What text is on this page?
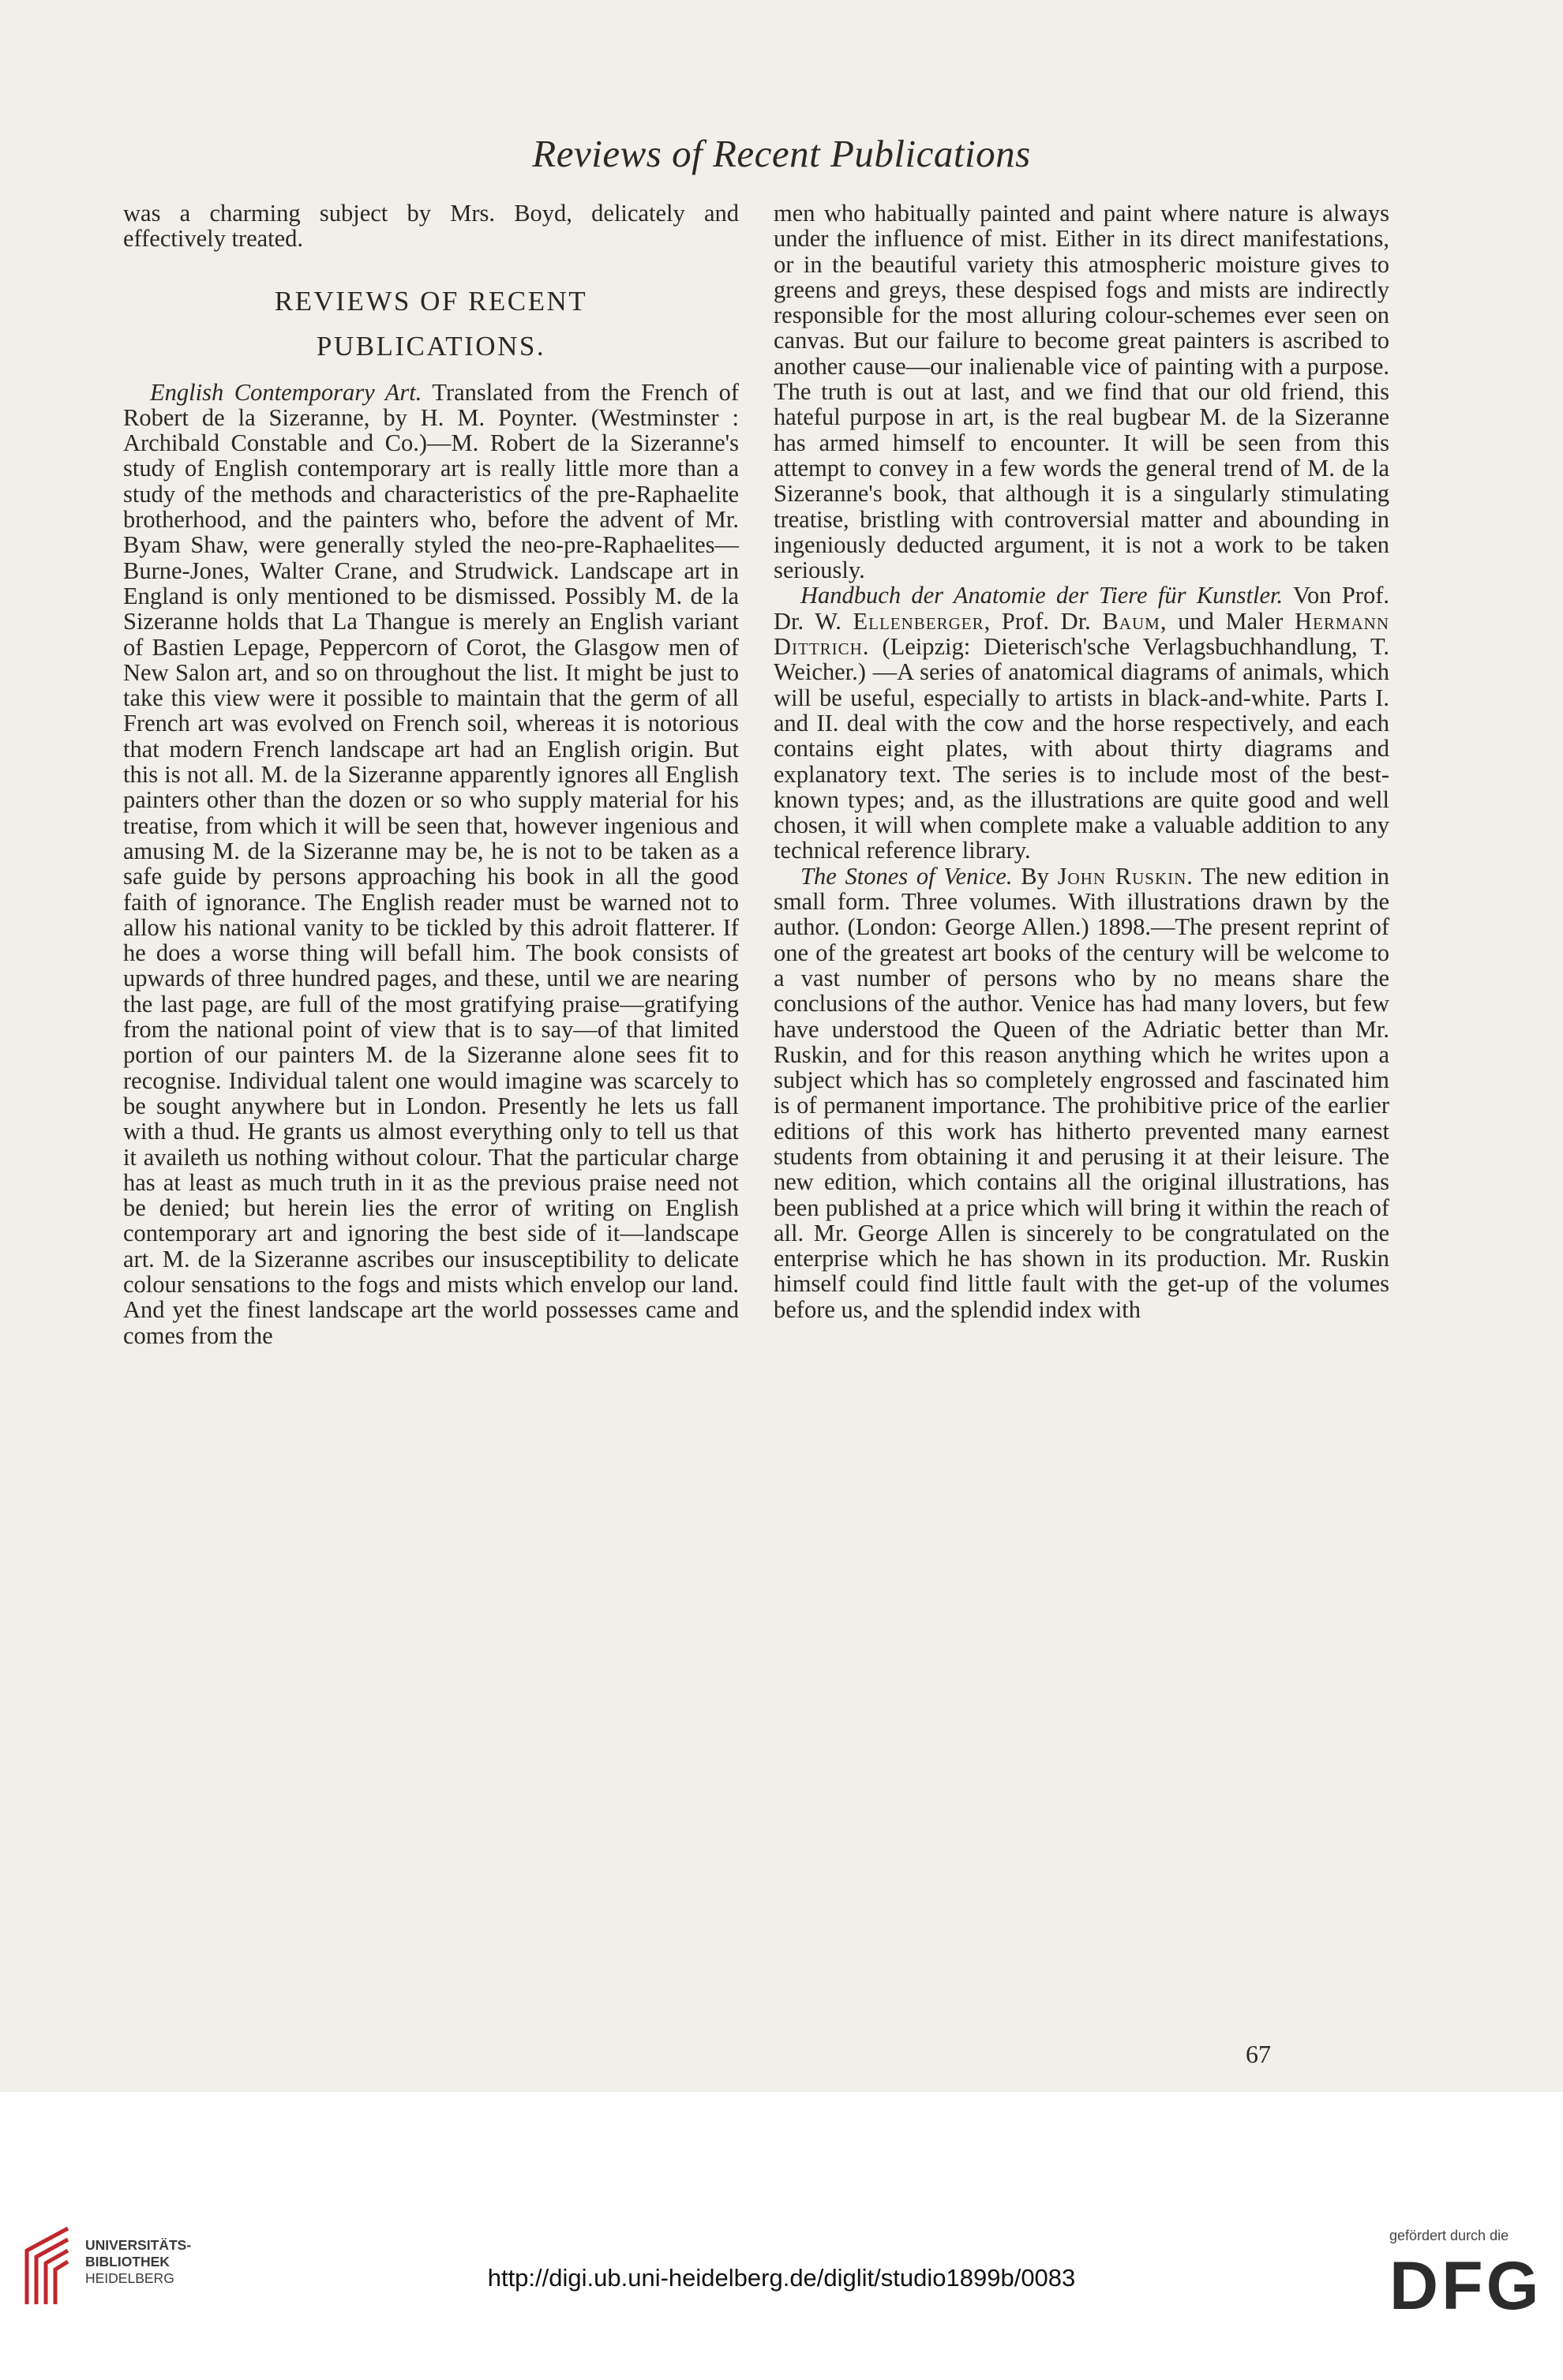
Reviews of Recent Publications

was a charming subject by Mrs. Boyd, delicately and effectively treated.

REVIEWS OF RECENT
PUBLICATIONS.

English Contemporary Art. Translated from the French of Robert de la Sizeranne, by H. M. Poynter. (Westminster : Archibald Constable and Co.)—M. Robert de la Sizeranne's study of English contemporary art is really little more than a study of the methods and characteristics of the pre-Raphaelite brotherhood, and the painters who, before the advent of Mr. Byam Shaw, were generally styled the neo-pre-Raphaelites—Burne-Jones, Walter Crane, and Strudwick. Landscape art in England is only mentioned to be dismissed. Possibly M. de la Sizeranne holds that La Thangue is merely an English variant of Bastien Lepage, Peppercorn of Corot, the Glasgow men of New Salon art, and so on throughout the list. It might be just to take this view were it possible to maintain that the germ of all French art was evolved on French soil, whereas it is notorious that modern French landscape art had an English origin. But this is not all. M. de la Sizeranne apparently ignores all English painters other than the dozen or so who supply material for his treatise, from which it will be seen that, however ingenious and amusing M. de la Sizeranne may be, he is not to be taken as a safe guide by persons approaching his book in all the good faith of ignorance. The English reader must be warned not to allow his national vanity to be tickled by this adroit flatterer. If he does a worse thing will befall him. The book consists of upwards of three hundred pages, and these, until we are nearing the last page, are full of the most gratifying praise—gratifying from the national point of view that is to say—of that limited portion of our painters M. de la Sizeranne alone sees fit to recognise. Individual talent one would imagine was scarcely to be sought anywhere but in London. Presently he lets us fall with a thud. He grants us almost everything only to tell us that it availeth us nothing without colour. That the particular charge has at least as much truth in it as the previous praise need not be denied; but herein lies the error of writing on English contemporary art and ignoring the best side of it—landscape art. M. de la Sizeranne ascribes our insusceptibility to delicate colour sensations to the fogs and mists which envelop our land. And yet the finest landscape art the world possesses came and comes from the

men who habitually painted and paint where nature is always under the influence of mist. Either in its direct manifestations, or in the beautiful variety this atmospheric moisture gives to greens and greys, these despised fogs and mists are indirectly responsible for the most alluring colour-schemes ever seen on canvas. But our failure to become great painters is ascribed to another cause—our inalienable vice of painting with a purpose. The truth is out at last, and we find that our old friend, this hateful purpose in art, is the real bugbear M. de la Sizeranne has armed himself to encounter. It will be seen from this attempt to convey in a few words the general trend of M. de la Sizeranne's book, that although it is a singularly stimulating treatise, bristling with controversial matter and abounding in ingeniously deducted argument, it is not a work to be taken seriously.

Handbuch der Anatomie der Tiere für Kunstler. Von Prof. Dr. W. Ellenberger, Prof. Dr. Baum, und Maler Hermann Dittrich. (Leipzig: Dieterisch'sche Verlagsbuchhandlung, T. Weicher.) —A series of anatomical diagrams of animals, which will be useful, especially to artists in black-and-white. Parts I. and II. deal with the cow and the horse respectively, and each contains eight plates, with about thirty diagrams and explanatory text. The series is to include most of the best-known types; and, as the illustrations are quite good and well chosen, it will when complete make a valuable addition to any technical reference library.

The Stones of Venice. By John Ruskin. The new edition in small form. Three volumes. With illustrations drawn by the author. (London: George Allen.) 1898.—The present reprint of one of the greatest art books of the century will be welcome to a vast number of persons who by no means share the conclusions of the author. Venice has had many lovers, but few have understood the Queen of the Adriatic better than Mr. Ruskin, and for this reason anything which he writes upon a subject which has so completely engrossed and fascinated him is of permanent importance. The prohibitive price of the earlier editions of this work has hitherto prevented many earnest students from obtaining it and perusing it at their leisure. The new edition, which contains all the original illustrations, has been published at a price which will bring it within the reach of all. Mr. George Allen is sincerely to be congratulated on the enterprise which he has shown in its production. Mr. Ruskin himself could find little fault with the get-up of the volumes before us, and the splendid index with

67
UNIVERSITÄTS-
BIBLIOTHEK
HEIDELBERG	http://digi.ub.uni-heidelberg.de/diglit/studio1899b/0083
gefördert durch die
DFG
